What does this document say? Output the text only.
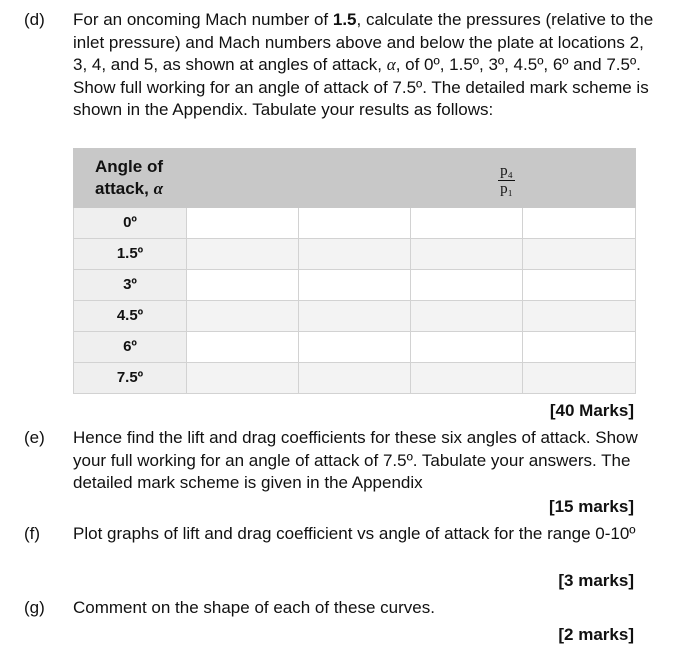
(d)	For an oncoming Mach number of 1.5, calculate the pressures (relative to the inlet pressure) and Mach numbers above and below the plate at locations 2, 3, 4, and 5, as shown at angles of attack, α, of 0º, 1.5º, 3º, 4.5º, 6º and 7.5º. Show full working for an angle of attack of 7.5º. The detailed mark scheme is shown in the Appendix. Tabulate your results as follows:
Angle of
attack, α			$\frac{\text{p₄}}{\text{p₁}}$

0º				
1.5º				
3º				
4.5º				
6º				
7.5º				
[40 Marks]
(e)	Hence find the lift and drag coefficients for these six angles of attack. Show your full working for an angle of attack of 7.5º. Tabulate your answers. The detailed mark scheme is given in the Appendix
[15 marks]
(f)	Plot graphs of lift and drag coefficient vs angle of attack for the range 0-10º
[3 marks]
(g)	Comment on the shape of each of these curves.
[2 marks]
